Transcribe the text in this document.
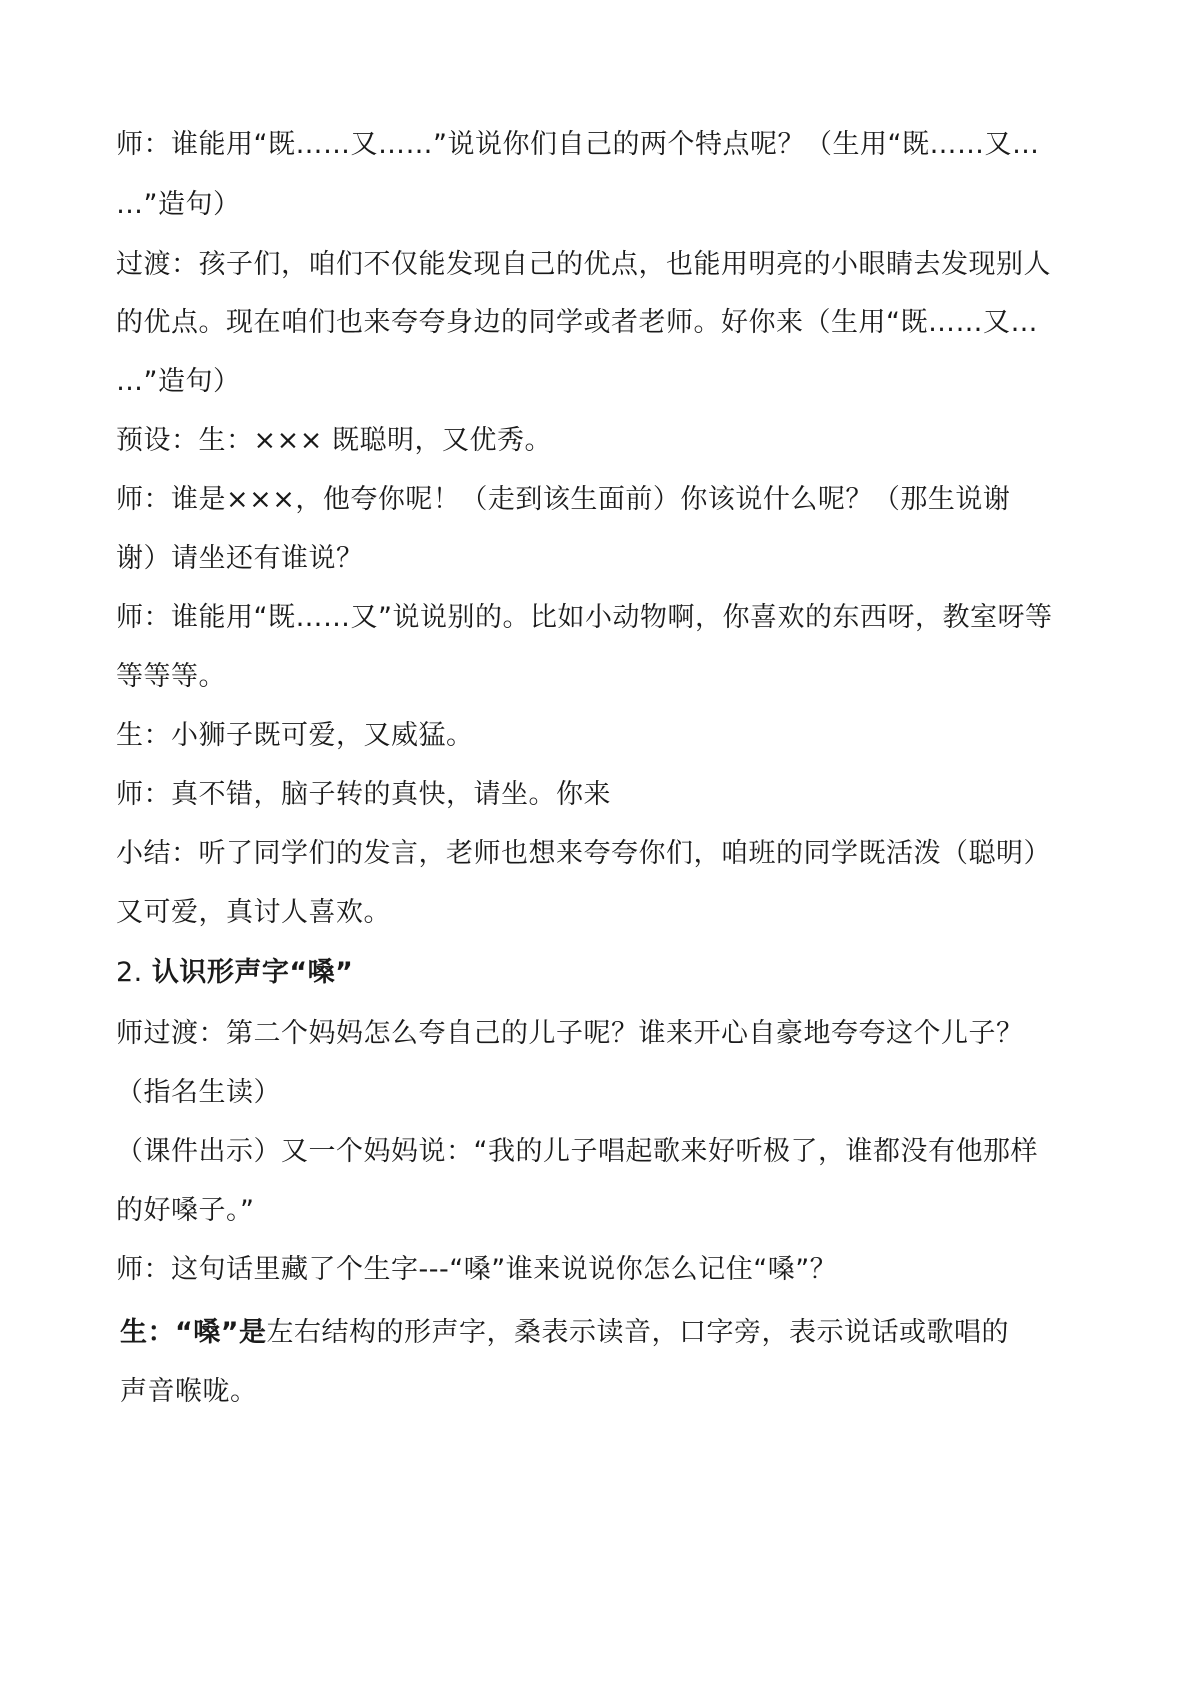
师：谁能用“既……又……”说说你们自己的两个特点呢？（生用“既……又…
…”造句）
过渡：孩子们，咱们不仅能发现自己的优点，也能用明亮的小眼睛去发现别人
的优点。现在咱们也来夸夸身边的同学或者老师。好你来（生用“既……又…
…”造句）
预设：生：××× 既聪明，又优秀。
师：谁是×××，他夸你呢！（走到该生面前）你该说什么呢？（那生说谢
谢）请坐还有谁说？
师：谁能用“既……又”说说别的。比如小动物啊，你喜欢的东西呀，教室呀等
等等等。
生：小狮子既可爱，又威猛。
师：真不错，脑子转的真快，请坐。你来
小结：听了同学们的发言，老师也想来夸夸你们，咱班的同学既活泼（聪明）
又可爱，真讨人喜欢。
2. 认识形声字“嗓”
师过渡：第二个妈妈怎么夸自己的儿子呢？谁来开心自豪地夸夸这个儿子？
（指名生读）
（课件出示）又一个妈妈说：“我的儿子唱起歌来好听极了，谁都没有他那样
的好嗓子。”
师：这句话里藏了个生字---“嗓”谁来说说你怎么记住“嗓”？
生：“嗓”是左右结构的形声字，桑表示读音，口字旁，表示说话或歌唱的
声音喉咙。
